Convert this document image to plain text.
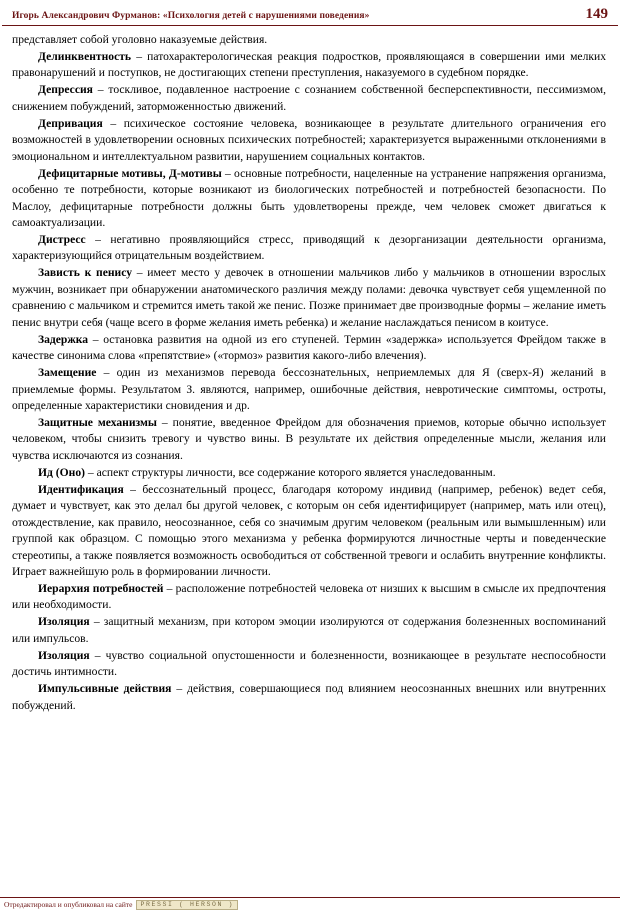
Игорь Александрович Фурманов: «Психология детей с нарушениями поведения»	149
представляет собой уголовно наказуемые действия.
Делинквентность – патохарактерологическая реакция подростков, проявляющаяся в совершении ими мелких правонарушений и поступков, не достигающих степени преступления, наказуемого в судебном порядке.
Депрессия – тоскливое, подавленное настроение с сознанием собственной бесперспективности, пессимизмом, снижением побуждений, заторможенностью движений.
Депривация – психическое состояние человека, возникающее в результате длительного ограничения его возможностей в удовлетворении основных психических потребностей; характеризуется выраженными отклонениями в эмоциональном и интеллектуальном развитии, нарушением социальных контактов.
Дефицитарные мотивы, Д-мотивы – основные потребности, нацеленные на устранение напряжения организма, особенно те потребности, которые возникают из биологических потребностей и потребностей безопасности. По Маслоу, дефицитарные потребности должны быть удовлетворены прежде, чем человек сможет двигаться к самоактуализации.
Дистресс – негативно проявляющийся стресс, приводящий к дезорганизации деятельности организма, характеризующийся отрицательным воздействием.
Зависть к пенису – имеет место у девочек в отношении мальчиков либо у мальчиков в отношении взрослых мужчин, возникает при обнаружении анатомического различия между полами: девочка чувствует себя ущемленной по сравнению с мальчиком и стремится иметь такой же пенис. Позже принимает две производные формы – желание иметь пенис внутри себя (чаще всего в форме желания иметь ребенка) и желание наслаждаться пенисом в коитусе.
Задержка – остановка развития на одной из его ступеней. Термин «задержка» используется Фрейдом также в качестве синонима слова «препятствие» («тормоз» развития какого-либо влечения).
Замещение – один из механизмов перевода бессознательных, неприемлемых для Я (сверх-Я) желаний в приемлемые формы. Результатом З. являются, например, ошибочные действия, невротические симптомы, остроты, определенные характеристики сновидения и др.
Защитные механизмы – понятие, введенное Фрейдом для обозначения приемов, которые обычно использует человеком, чтобы снизить тревогу и чувство вины. В результате их действия определенные мысли, желания или чувства исключаются из сознания.
Ид (Оно) – аспект структуры личности, все содержание которого является унаследованным.
Идентификация – бессознательный процесс, благодаря которому индивид (например, ребенок) ведет себя, думает и чувствует, как это делал бы другой человек, с которым он себя идентифицирует (например, мать или отец), отождествление, как правило, неосознанное, себя со значимым другим человеком (реальным или вымышленным) или группой как образцом. С помощью этого механизма у ребенка формируются личностные черты и поведенческие стереотипы, а также появляется возможность освободиться от собственной тревоги и ослабить внутренние конфликты. Играет важнейшую роль в формировании личности.
Иерархия потребностей – расположение потребностей человека от низших к высшим в смысле их предпочтения или необходимости.
Изоляция – защитный механизм, при котором эмоции изолируются от содержания болезненных воспоминаний или импульсов.
Изоляция – чувство социальной опустошенности и болезненности, возникающее в результате неспособности достичь интимности.
Импульсивные действия – действия, совершающиеся под влиянием неосознанных внешних или внутренних побуждений.
Отредактировал и опубликовал на сайте	PRESSI ( HERSON )
